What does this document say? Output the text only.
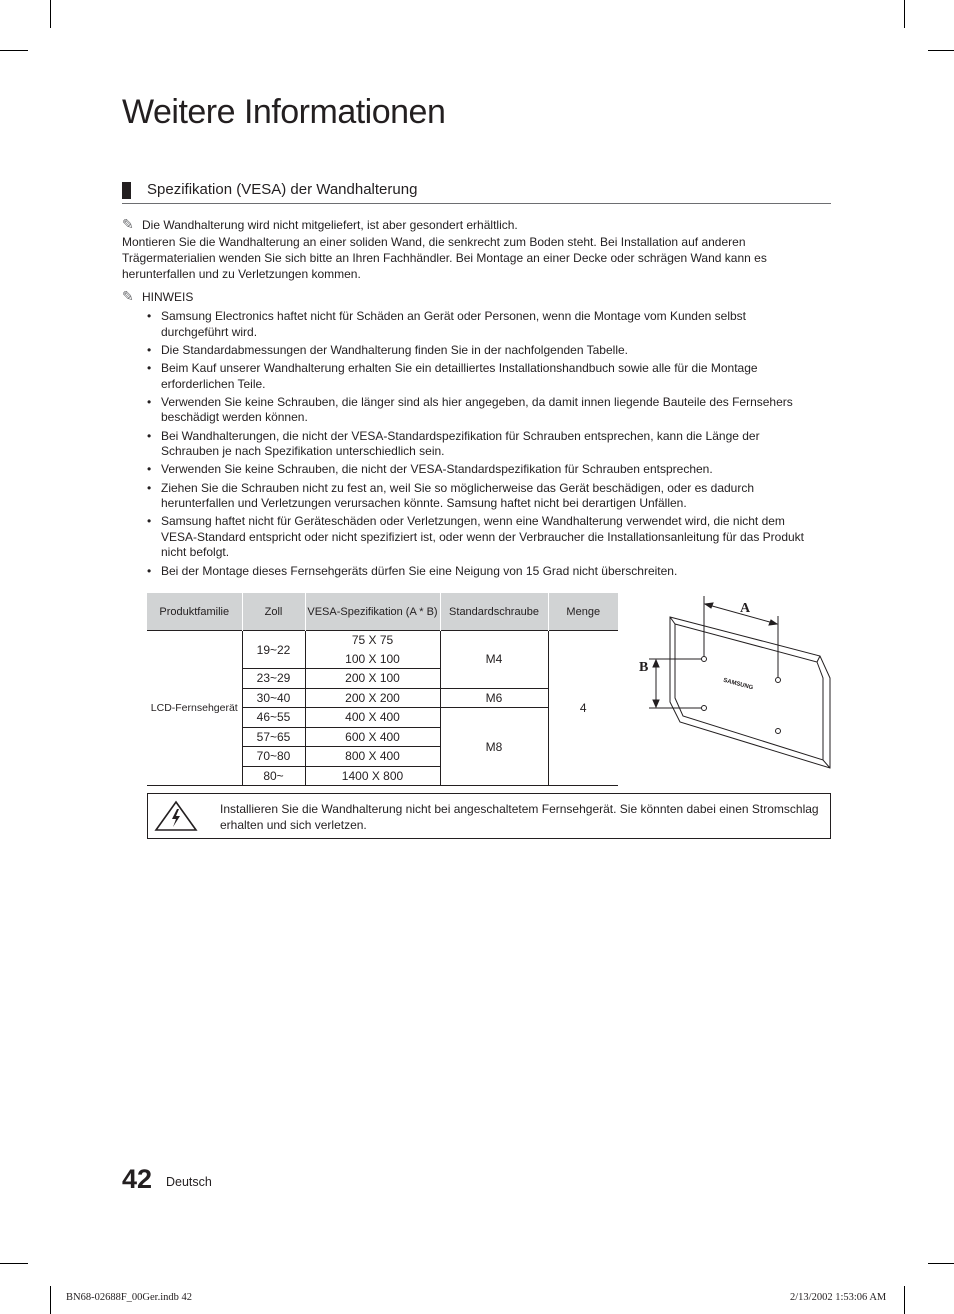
Weitere Informationen
Spezifikation (VESA) der Wandhalterung
✎ Die Wandhalterung wird nicht mitgeliefert, ist aber gesondert erhältlich.
Montieren Sie die Wandhalterung an einer soliden Wand, die senkrecht zum Boden steht. Bei Installation auf anderen
Trägermaterialien wenden Sie sich bitte an Ihren Fachhändler. Bei Montage an einer Decke oder schrägen Wand kann es
herunterfallen und zu Verletzungen kommen.
✎ HINWEIS
• Samsung Electronics haftet nicht für Schäden an Gerät oder Personen, wenn die Montage vom Kunden selbst
durchgeführt wird.
• Die Standardabmessungen der Wandhalterung finden Sie in der nachfolgenden Tabelle.
• Beim Kauf unserer Wandhalterung erhalten Sie ein detailliertes Installationshandbuch sowie alle für die Montage
erforderlichen Teile.
• Verwenden Sie keine Schrauben, die länger sind als hier angegeben, da damit innen liegende Bauteile des Fernsehers
beschädigt werden können.
• Bei Wandhalterungen, die nicht der VESA-Standardspezifikation für Schrauben entsprechen, kann die Länge der
Schrauben je nach Spezifikation unterschiedlich sein.
• Verwenden Sie keine Schrauben, die nicht der VESA-Standardspezifikation für Schrauben entsprechen.
• Ziehen Sie die Schrauben nicht zu fest an, weil Sie so möglicherweise das Gerät beschädigen, oder es dadurch
herunterfallen und Verletzungen verursachen könnte. Samsung haftet nicht bei derartigen Unfällen.
• Samsung haftet nicht für Geräteschäden oder Verletzungen, wenn eine Wandhalterung verwendet wird, die nicht dem
VESA-Standard entspricht oder nicht spezifiziert ist, oder wenn der Verbraucher die Installationsanleitung für das Produkt
nicht befolgt.
• Bei der Montage dieses Fernsehgeräts dürfen Sie eine Neigung von 15 Grad nicht überschreiten.
Produktfamilie	Zoll	VESA-Spezifikation (A * B)	Standardschraube	Menge
LCD-Fernsehgerät	19~22	75 X 75	M4	4
		100 X 100		
	23~29	200 X 100		
	30~40	200 X 200	M6	
	46~55	400 X 400	M8	
	57~65	600 X 400		
	70~80	800 X 400		
	80~	1400 X 800		
SAMSUNG
A
B
Installieren Sie die Wandhalterung nicht bei angeschaltetem Fernsehgerät. Sie könnten dabei einen Stromschlag
erhalten und sich verletzen.
42 Deutsch
BN68-02688F_00Ger.indb 42	2/13/2002 1:53:06 AM
